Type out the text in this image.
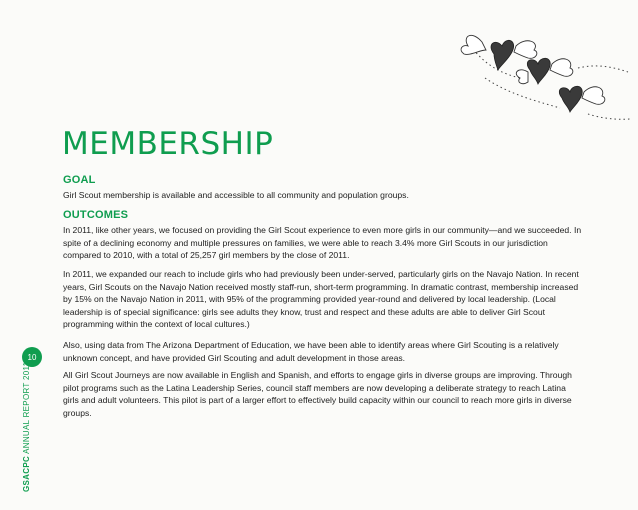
MEMBERSHIP
GOAL

Girl Scout membership is available and accessible to all community and population groups.

OUTCOMES

In 2011, like other years, we focused on providing the Girl Scout experience to even more girls in our community—and we succeeded. In spite of a declining economy and multiple pressures on families, we were able to reach 3.4% more Girl Scouts in our jurisdiction compared to 2010, with a total of 25,257 girl members by the close of 2011.

In 2011, we expanded our reach to include girls who had previously been under-served, particularly girls on the Navajo Nation. In recent years, Girl Scouts on the Navajo Nation received mostly staff-run, short-term programming. In dramatic contrast, membership increased by 15% on the Navajo Nation in 2011, with 95% of the programming provided year-round and delivered by local leadership. (Local leadership is of special significance: girls see adults they know, trust and respect and these adults are able to deliver Girl Scout programming within the context of local cultures.)

Also, using data from The Arizona Department of Education, we have been able to identify areas where Girl Scouting is a relatively unknown concept, and have provided Girl Scouting and adult development in those areas.

All Girl Scout Journeys are now available in English and Spanish, and efforts to engage girls in diverse groups are improving. Through pilot programs such as the Latina Leadership Series, council staff members are now developing a deliberate strategy to reach Latina girls and adult volunteers. This pilot is part of a larger effort to effectively build capacity within our council to reach more girls in diverse groups.

10
GSACPC ANNUAL REPORT 2011
